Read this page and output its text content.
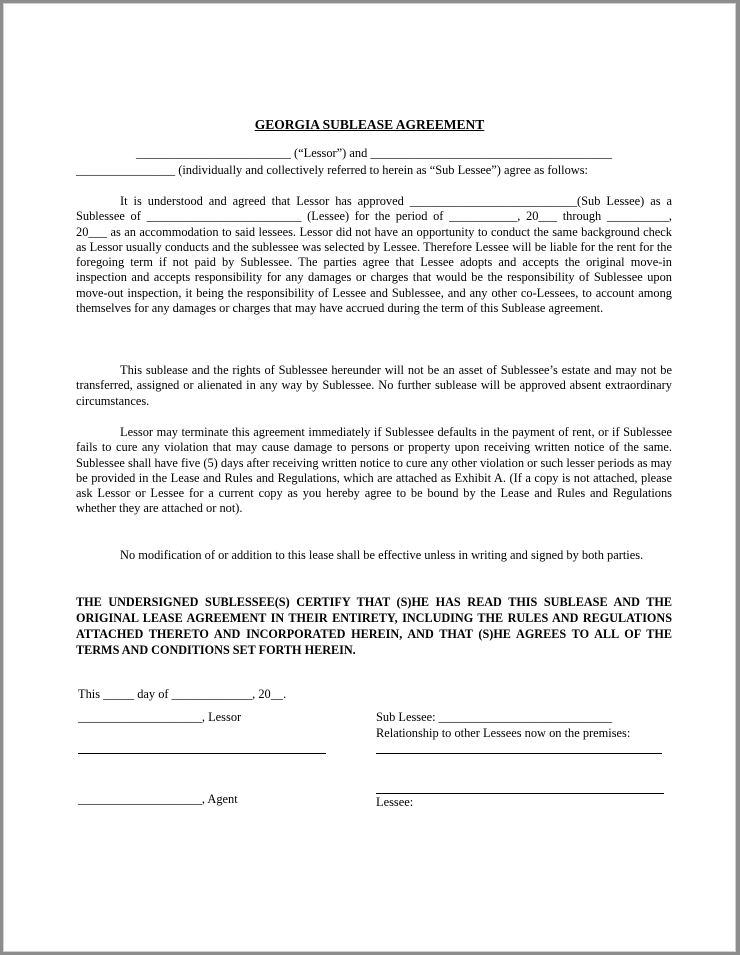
GEORGIA SUBLEASE AGREEMENT
_________________________ (“Lessor”) and _______________________________________
________________ (individually and collectively referred to herein as “Sub Lessee”) agree as follows:
It is understood and agreed that Lessor has approved ___________________________(Sub Lessee) as a Sublessee of _________________________ (Lessee) for the period of ___________, 20___ through __________, 20___ as an accommodation to said lessees. Lessor did not have an opportunity to conduct the same background check as Lessor usually conducts and the sublessee was selected by Lessee. Therefore Lessee will be liable for the rent for the foregoing term if not paid by Sublessee. The parties agree that Lessee adopts and accepts the original move-in inspection and accepts responsibility for any damages or charges that would be the responsibility of Sublessee upon move-out inspection, it being the responsibility of Lessee and Sublessee, and any other co-Lessees, to account among themselves for any damages or charges that may have accrued during the term of this Sublease agreement.
This sublease and the rights of Sublessee hereunder will not be an asset of Sublessee’s estate and may not be transferred, assigned or alienated in any way by Sublessee. No further sublease will be approved absent extraordinary circumstances.
Lessor may terminate this agreement immediately if Sublessee defaults in the payment of rent, or if Sublessee fails to cure any violation that may cause damage to persons or property upon receiving written notice of the same. Sublessee shall have five (5) days after receiving written notice to cure any other violation or such lesser periods as may be provided in the Lease and Rules and Regulations, which are attached as Exhibit A. (If a copy is not attached, please ask Lessor or Lessee for a current copy as you hereby agree to be bound by the Lease and Rules and Regulations whether they are attached or not).
No modification of or addition to this lease shall be effective unless in writing and signed by both parties.
THE UNDERSIGNED SUBLESSEE(S) CERTIFY THAT (S)HE HAS READ THIS SUBLEASE AND THE ORIGINAL LEASE AGREEMENT IN THEIR ENTIRETY, INCLUDING THE RULES AND REGULATIONS ATTACHED THERETO AND INCORPORATED HEREIN, AND THAT (S)HE AGREES TO ALL OF THE TERMS AND CONDITIONS SET FORTH HEREIN.
This _____ day of _____________, 20__.
____________________, Lessor
____________________, Agent
Sub Lessee: ____________________________
Relationship to other Lessees now on the premises:
Lessee:
